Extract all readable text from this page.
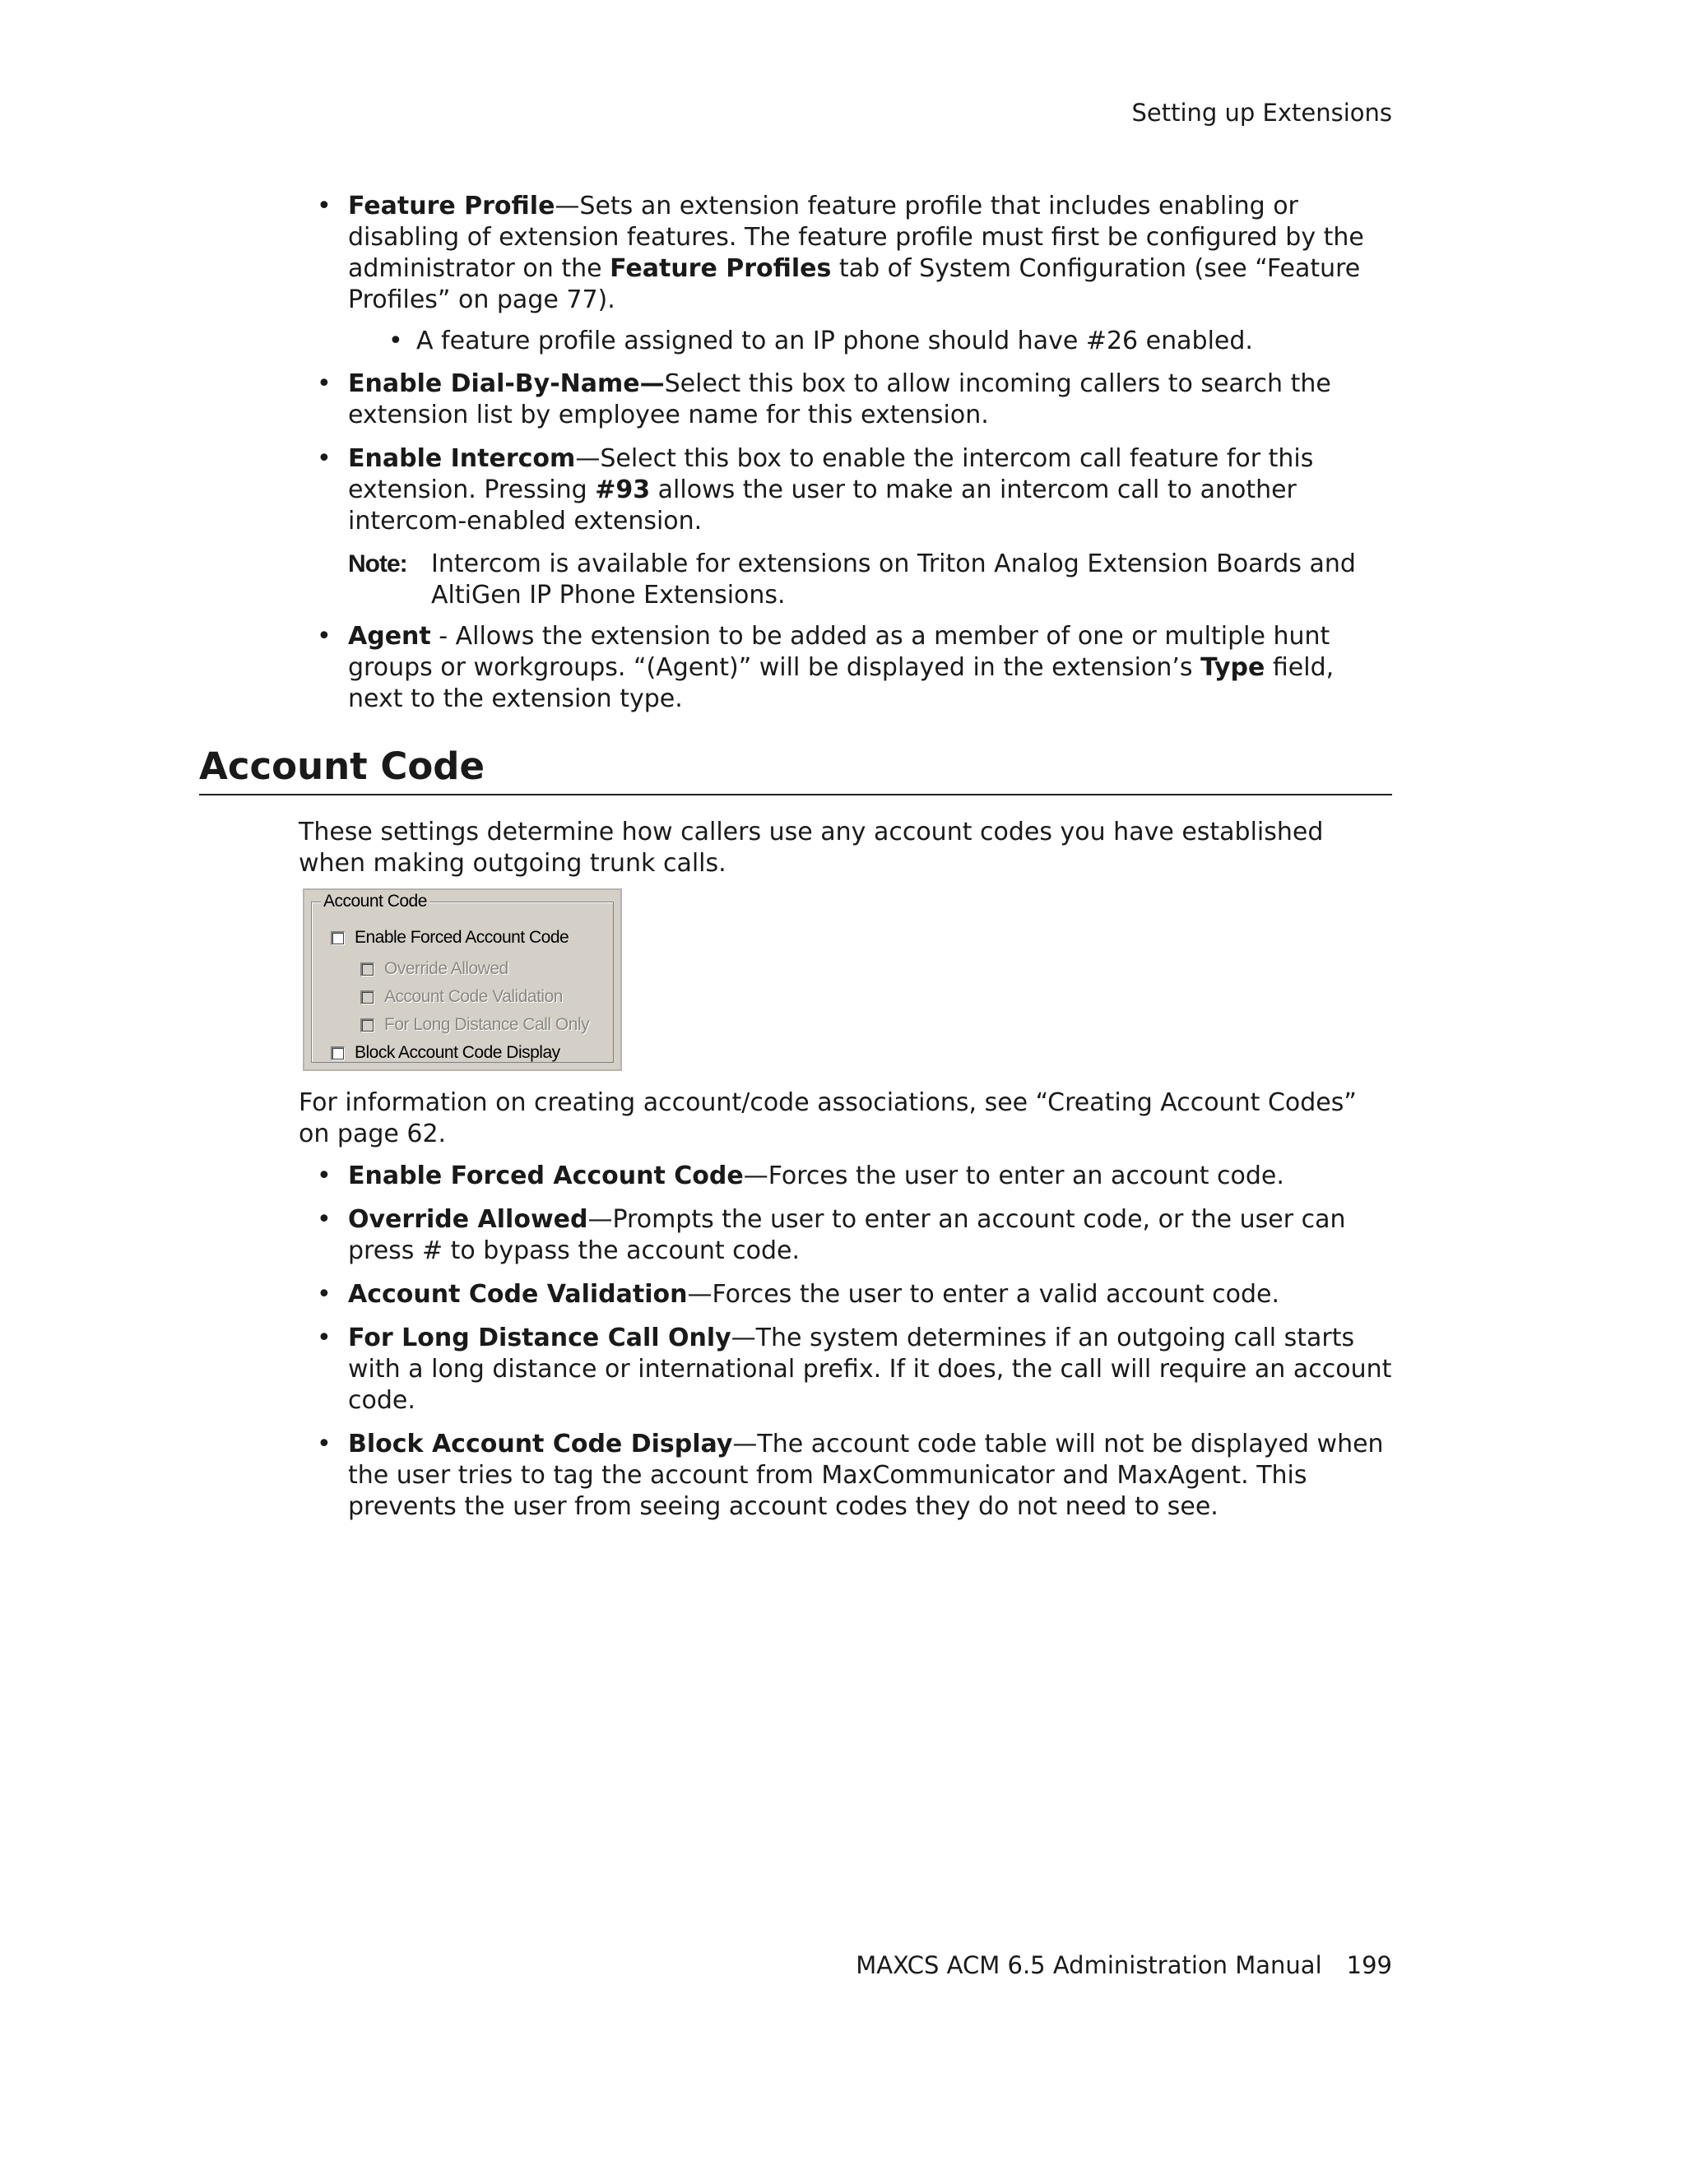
Setting up Extensions
• Feature Profile—Sets an extension feature profile that includes enabling or disabling of extension features. The feature profile must first be configured by the administrator on the Feature Profiles tab of System Configuration (see “Feature Profiles” on page 77).
• A feature profile assigned to an IP phone should have #26 enabled.
• Enable Dial-By-Name—Select this box to allow incoming callers to search the extension list by employee name for this extension.
• Enable Intercom—Select this box to enable the intercom call feature for this extension. Pressing #93 allows the user to make an intercom call to another intercom-enabled extension.
Note: Intercom is available for extensions on Triton Analog Extension Boards and AltiGen IP Phone Extensions.
• Agent - Allows the extension to be added as a member of one or multiple hunt groups or workgroups. “(Agent)” will be displayed in the extension’s Type field, next to the extension type.
Account Code
These settings determine how callers use any account codes you have established when making outgoing trunk calls.
Account Code
Enable Forced Account Code
Override Allowed
Account Code Validation
For Long Distance Call Only
Block Account Code Display
For information on creating account/code associations, see “Creating Account Codes” on page 62.
• Enable Forced Account Code—Forces the user to enter an account code.
• Override Allowed—Prompts the user to enter an account code, or the user can press # to bypass the account code.
• Account Code Validation—Forces the user to enter a valid account code.
• For Long Distance Call Only—The system determines if an outgoing call starts with a long distance or international prefix. If it does, the call will require an account code.
• Block Account Code Display—The account code table will not be displayed when the user tries to tag the account from MaxCommunicator and MaxAgent. This prevents the user from seeing account codes they do not need to see.
MAXCS ACM 6.5 Administration Manual 199
